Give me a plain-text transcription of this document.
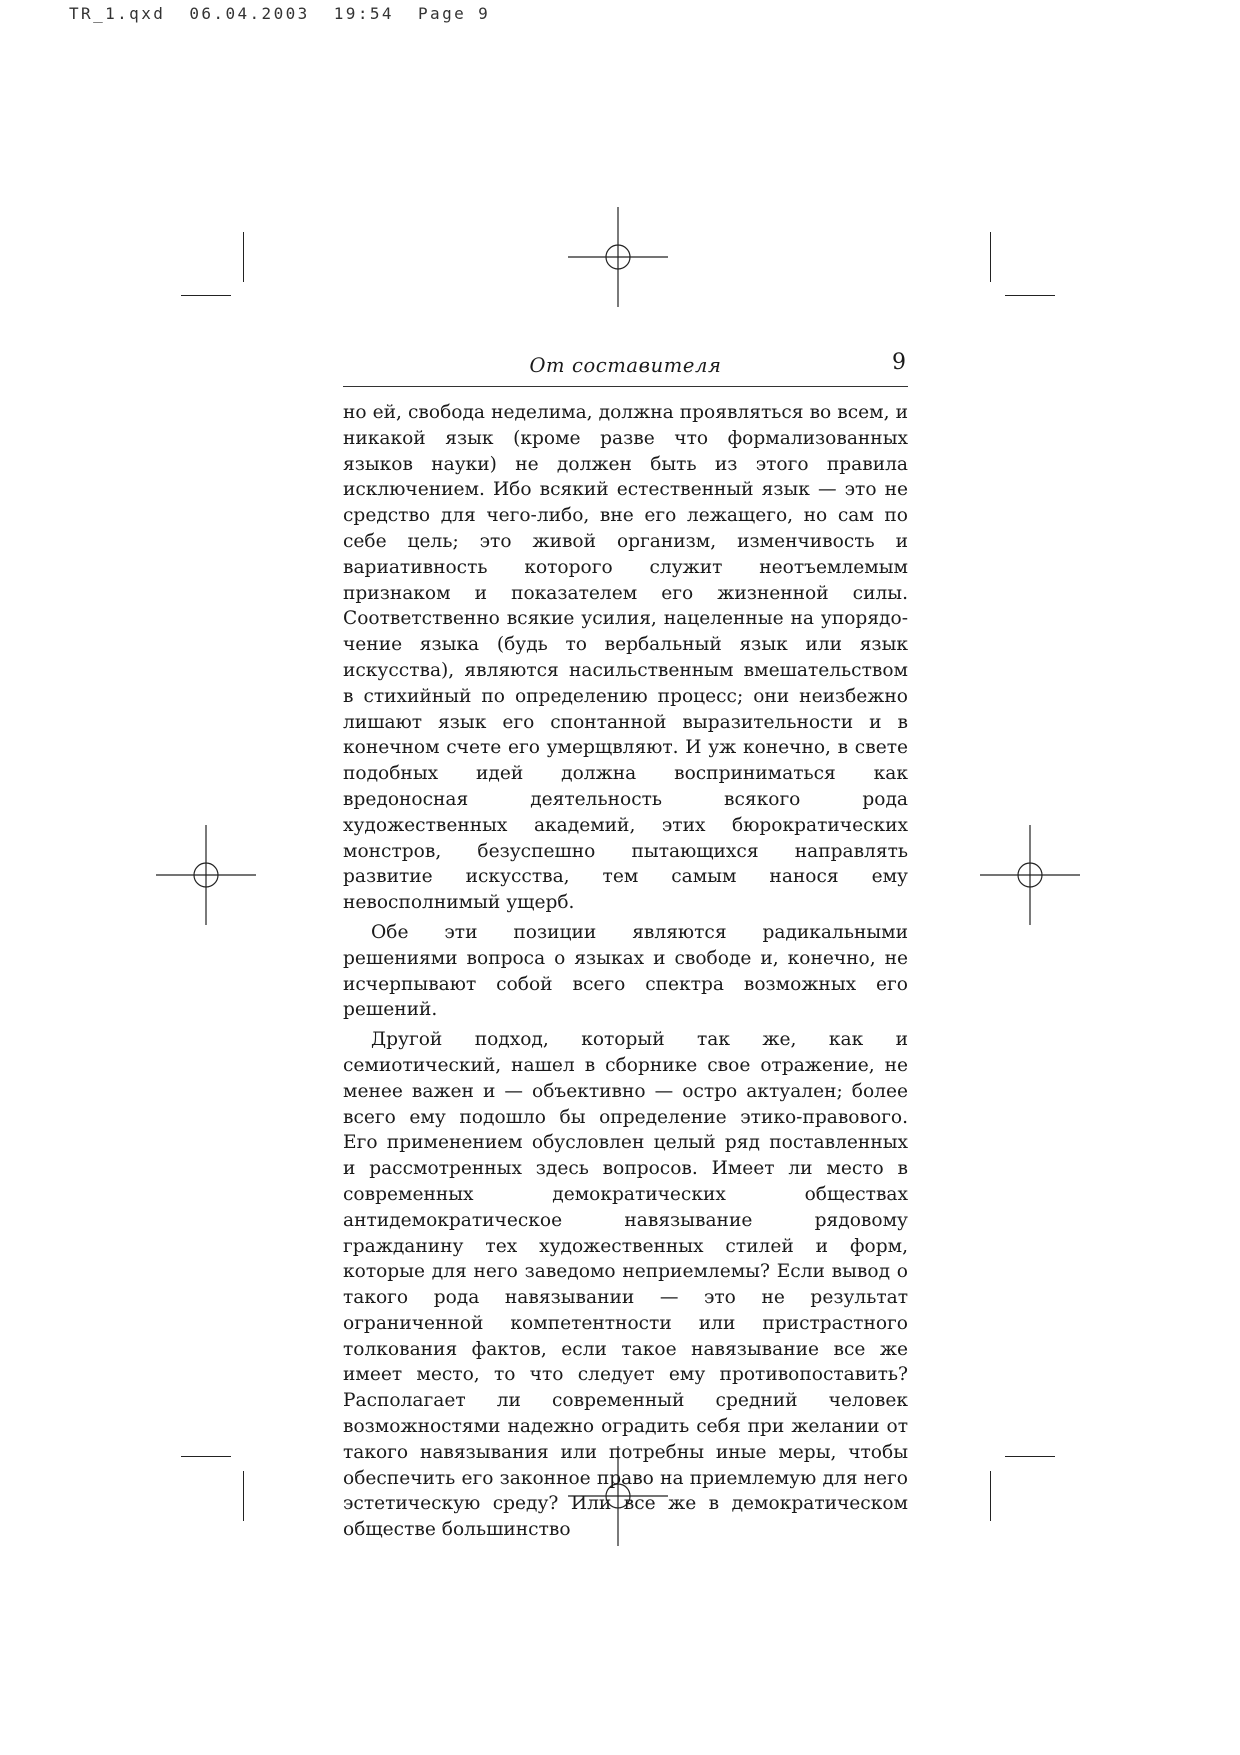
TR_1.qxd 06.04.2003 19:54 Page 9
От составителя	9

но ей, свобода неделима, должна проявляться во всем, и никакой язык (кроме разве что формализованных языков науки) не должен быть из этого правила исключением. Ибо всякий естественный язык — это не средство для чего-либо, вне его лежащего, но сам по себе цель; это живой организм, изменчивость и вариативность которого служит неотъемлемым признаком и показателем его жизненной силы. Соответственно всякие усилия, нацеленные на упорядочение языка (будь то вербальный язык или язык искусства), являются насильственным вмешательством в стихийный по определению процесс; они неизбежно лишают язык его спонтанной выразительности и в конечном счете его умерщвляют. И уж конечно, в свете подобных идей должна восприниматься как вредоносная деятельность всякого рода художественных академий, этих бюрократических монстров, безуспешно пытающихся направлять развитие искусства, тем самым нанося ему невосполнимый ущерб.

Обе эти позиции являются радикальными решениями вопроса о языках и свободе и, конечно, не исчерпывают собой всего спектра возможных его решений.

Другой подход, который так же, как и семиотический, нашел в сборнике свое отражение, не менее важен и — объективно — остро актуален; более всего ему подошло бы определение этико-правового. Его применением обусловлен целый ряд поставленных и рассмотренных здесь вопросов. Имеет ли место в современных демократических обществах антидемократическое навязывание рядовому гражданину тех художественных стилей и форм, которые для него заведомо неприемлемы? Если вывод о такого рода навязывании — это не результат ограниченной компетентности или пристрастного толкования фактов, если такое навязывание все же имеет место, то что следует ему противопоставить? Располагает ли современный средний человек возможностями надежно оградить себя при желании от такого навязывания или потребны иные меры, чтобы обеспечить его законное право на приемлемую для него эстетическую среду? Или все же в демократическом обществе большинство
